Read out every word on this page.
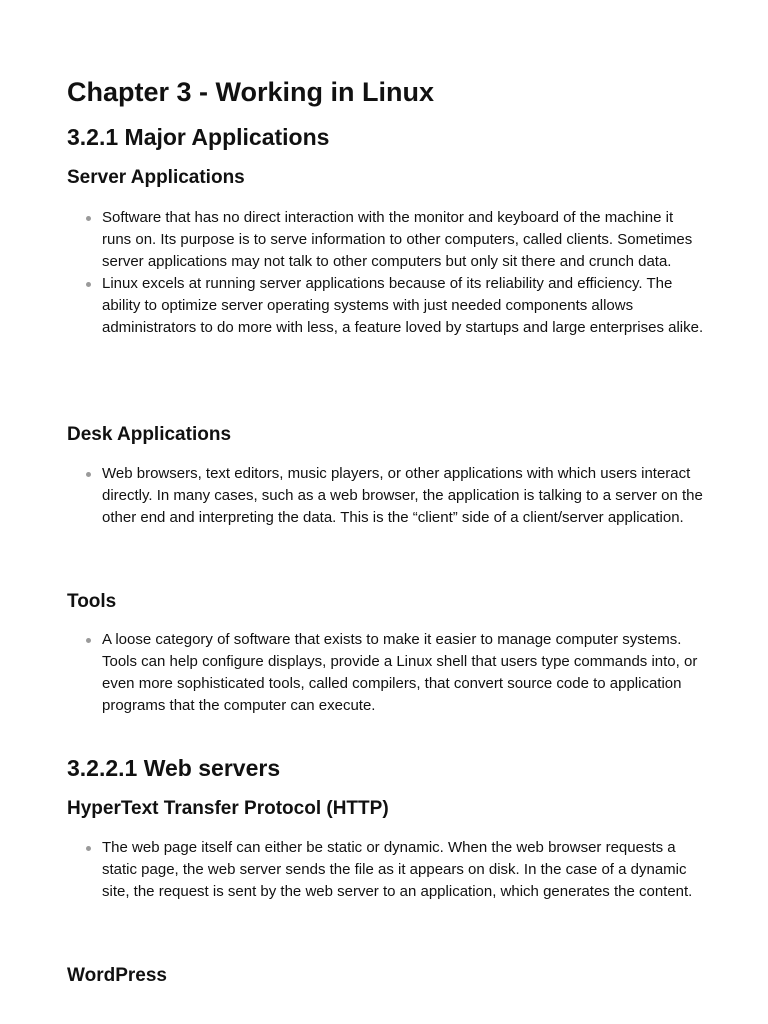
Chapter 3 - Working in Linux
3.2.1 Major Applications
Server Applications
Software that has no direct interaction with the monitor and keyboard of the machine it runs on. Its purpose is to serve information to other computers, called clients. Sometimes server applications may not talk to other computers but only sit there and crunch data.
Linux excels at running server applications because of its reliability and efficiency. The ability to optimize server operating systems with just needed components allows administrators to do more with less, a feature loved by startups and large enterprises alike.
Desk Applications
Web browsers, text editors, music players, or other applications with which users interact directly. In many cases, such as a web browser, the application is talking to a server on the other end and interpreting the data. This is the “client” side of a client/server application.
Tools
A loose category of software that exists to make it easier to manage computer systems. Tools can help configure displays, provide a Linux shell that users type commands into, or even more sophisticated tools, called compilers, that convert source code to application programs that the computer can execute.
3.2.2.1 Web servers
HyperText Transfer Protocol (HTTP)
The web page itself can either be static or dynamic. When the web browser requests a static page, the web server sends the file as it appears on disk. In the case of a dynamic site, the request is sent by the web server to an application, which generates the content.
WordPress
